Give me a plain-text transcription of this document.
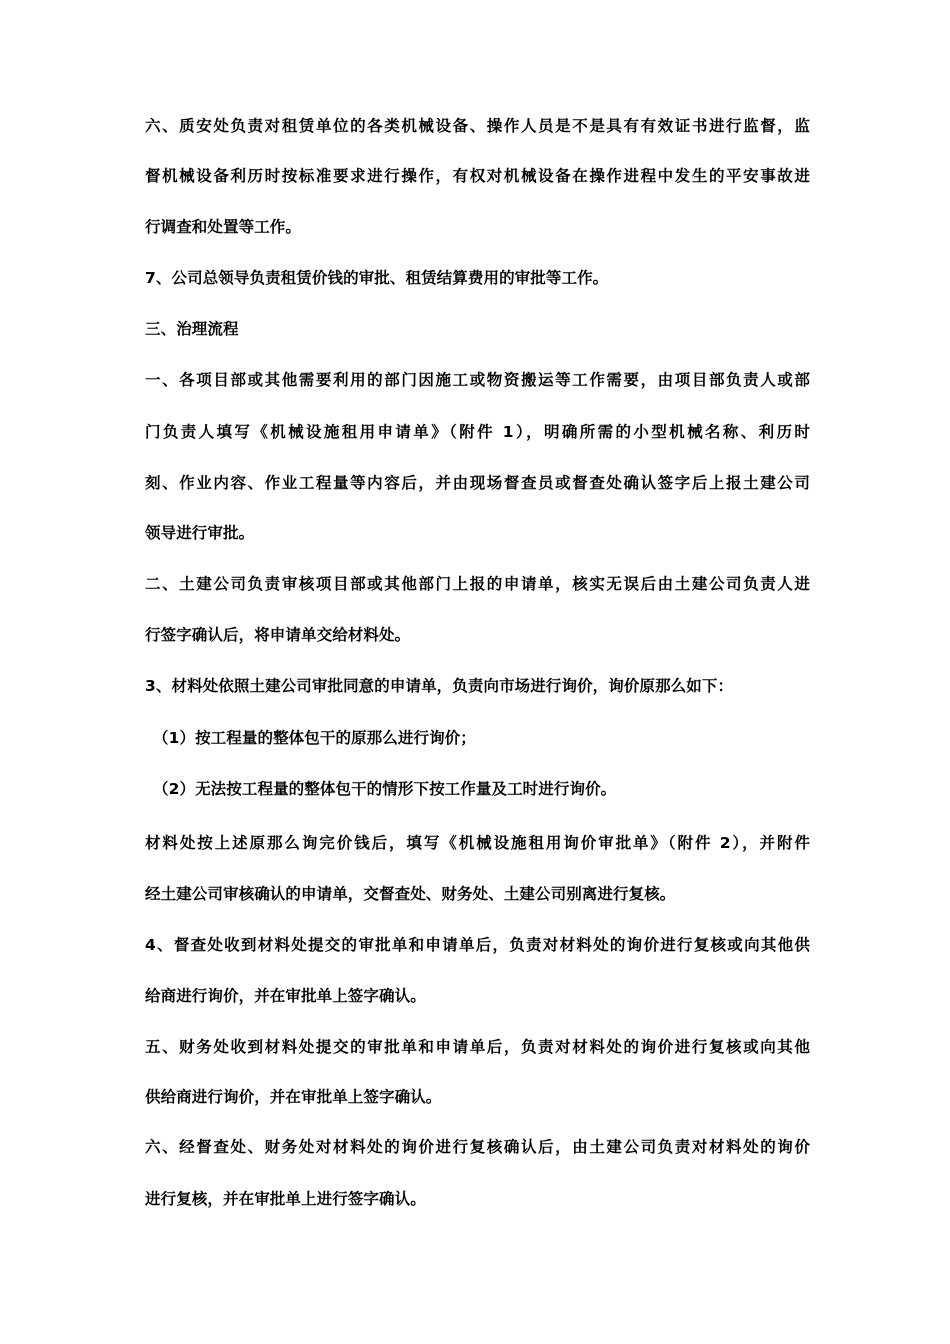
六、质安处负责对租赁单位的各类机械设备、操作人员是不是具有有效证书进行监督，监
督机械设备利历时按标准要求进行操作，有权对机械设备在操作进程中发生的平安事故进
行调查和处置等工作。
7、公司总领导负责租赁价钱的审批、租赁结算费用的审批等工作。
三、治理流程
一、各项目部或其他需要利用的部门因施工或物资搬运等工作需要，由项目部负责人或部
门负责人填写《机械设施租用申请单》（附件 1），明确所需的小型机械名称、利历时
刻、作业内容、作业工程量等内容后，并由现场督查员或督查处确认签字后上报土建公司
领导进行审批。
二、土建公司负责审核项目部或其他部门上报的申请单，核实无误后由土建公司负责人进
行签字确认后，将申请单交给材料处。
3、材料处依照土建公司审批同意的申请单，负责向市场进行询价，询价原那么如下：
（1）按工程量的整体包干的原那么进行询价；
（2）无法按工程量的整体包干的情形下按工作量及工时进行询价。
材料处按上述原那么询完价钱后，填写《机械设施租用询价审批单》（附件 2），并附件
经土建公司审核确认的申请单，交督查处、财务处、土建公司别离进行复核。
4、督查处收到材料处提交的审批单和申请单后，负责对材料处的询价进行复核或向其他供
给商进行询价，并在审批单上签字确认。
五、财务处收到材料处提交的审批单和申请单后，负责对材料处的询价进行复核或向其他
供给商进行询价，并在审批单上签字确认。
六、经督查处、财务处对材料处的询价进行复核确认后，由土建公司负责对材料处的询价
进行复核，并在审批单上进行签字确认。
